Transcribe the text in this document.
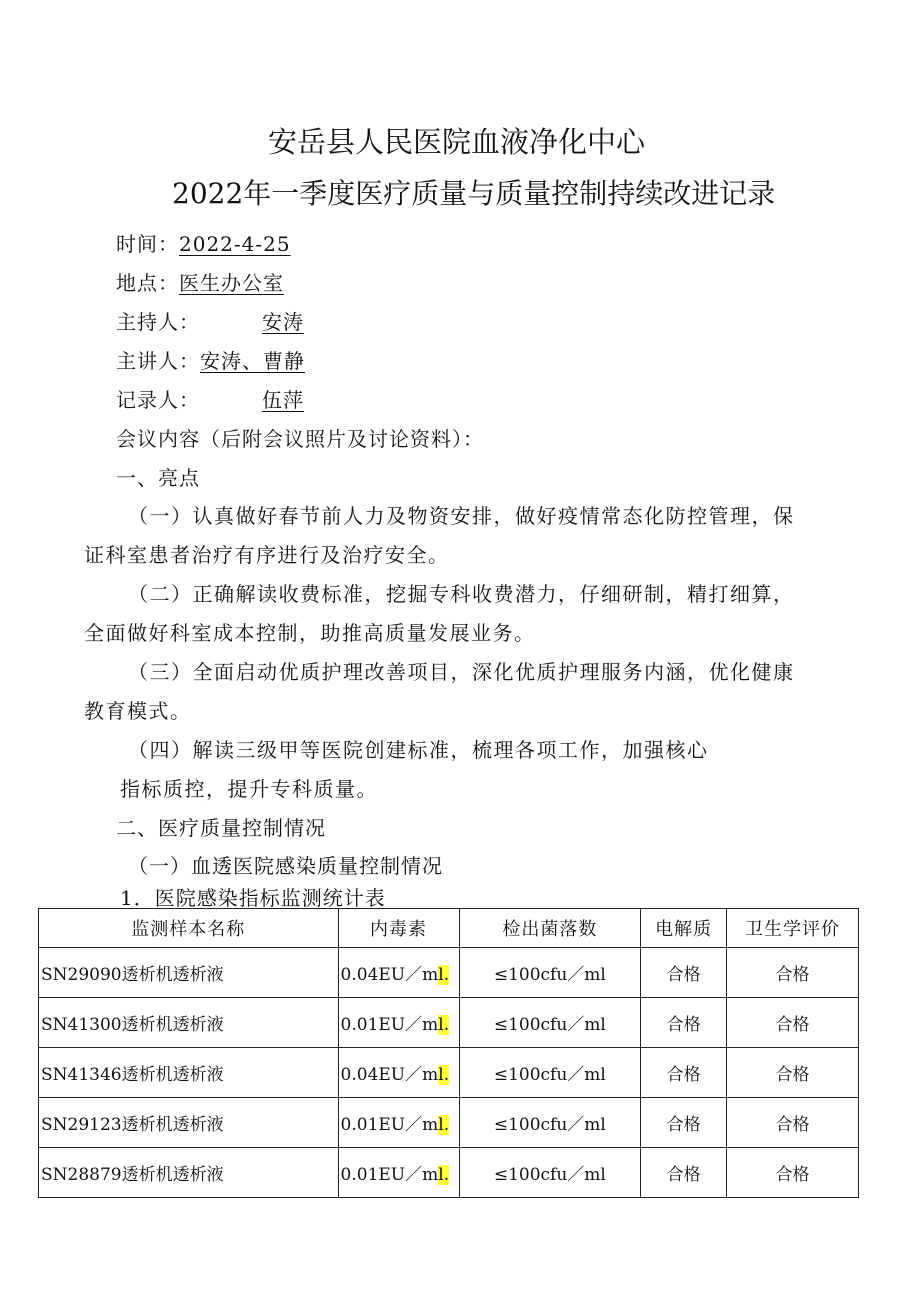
安岳县人民医院血液净化中心
2022年一季度医疗质量与质量控制持续改进记录
时间：2022-4-25
地点：医生办公室
主持人：	安涛
主讲人：安涛、曹静
记录人：	伍萍
会议内容（后附会议照片及讨论资料）：
一、亮点
（一）认真做好春节前人力及物资安排，做好疫情常态化防控管理，保
证科室患者治疗有序进行及治疗安全。
（二）正确解读收费标准，挖掘专科收费潜力，仔细研制，精打细算，
全面做好科室成本控制，助推高质量发展业务。
（三）全面启动优质护理改善项目，深化优质护理服务内涵，优化健康
教育模式。
（四）解读三级甲等医院创建标准，梳理各项工作，加强核心
指标质控，提升专科质量。
二、医疗质量控制情况
（一）血透医院感染质量控制情况
1．医院感染指标监测统计表
监测样本名称	内毒素	检出菌落数	电解质	卫生学评价
SN29090透析机透析液	0.04EU／ml.	≤100cfu／ml	合格	合格
SN41300透析机透析液	0.01EU／ml.	≤100cfu／ml	合格	合格
SN41346透析机透析液	0.04EU／ml.	≤100cfu／ml	合格	合格
SN29123透析机透析液	0.01EU／ml.	≤100cfu／ml	合格	合格
SN28879透析机透析液	0.01EU／ml.	≤100cfu／ml	合格	合格
